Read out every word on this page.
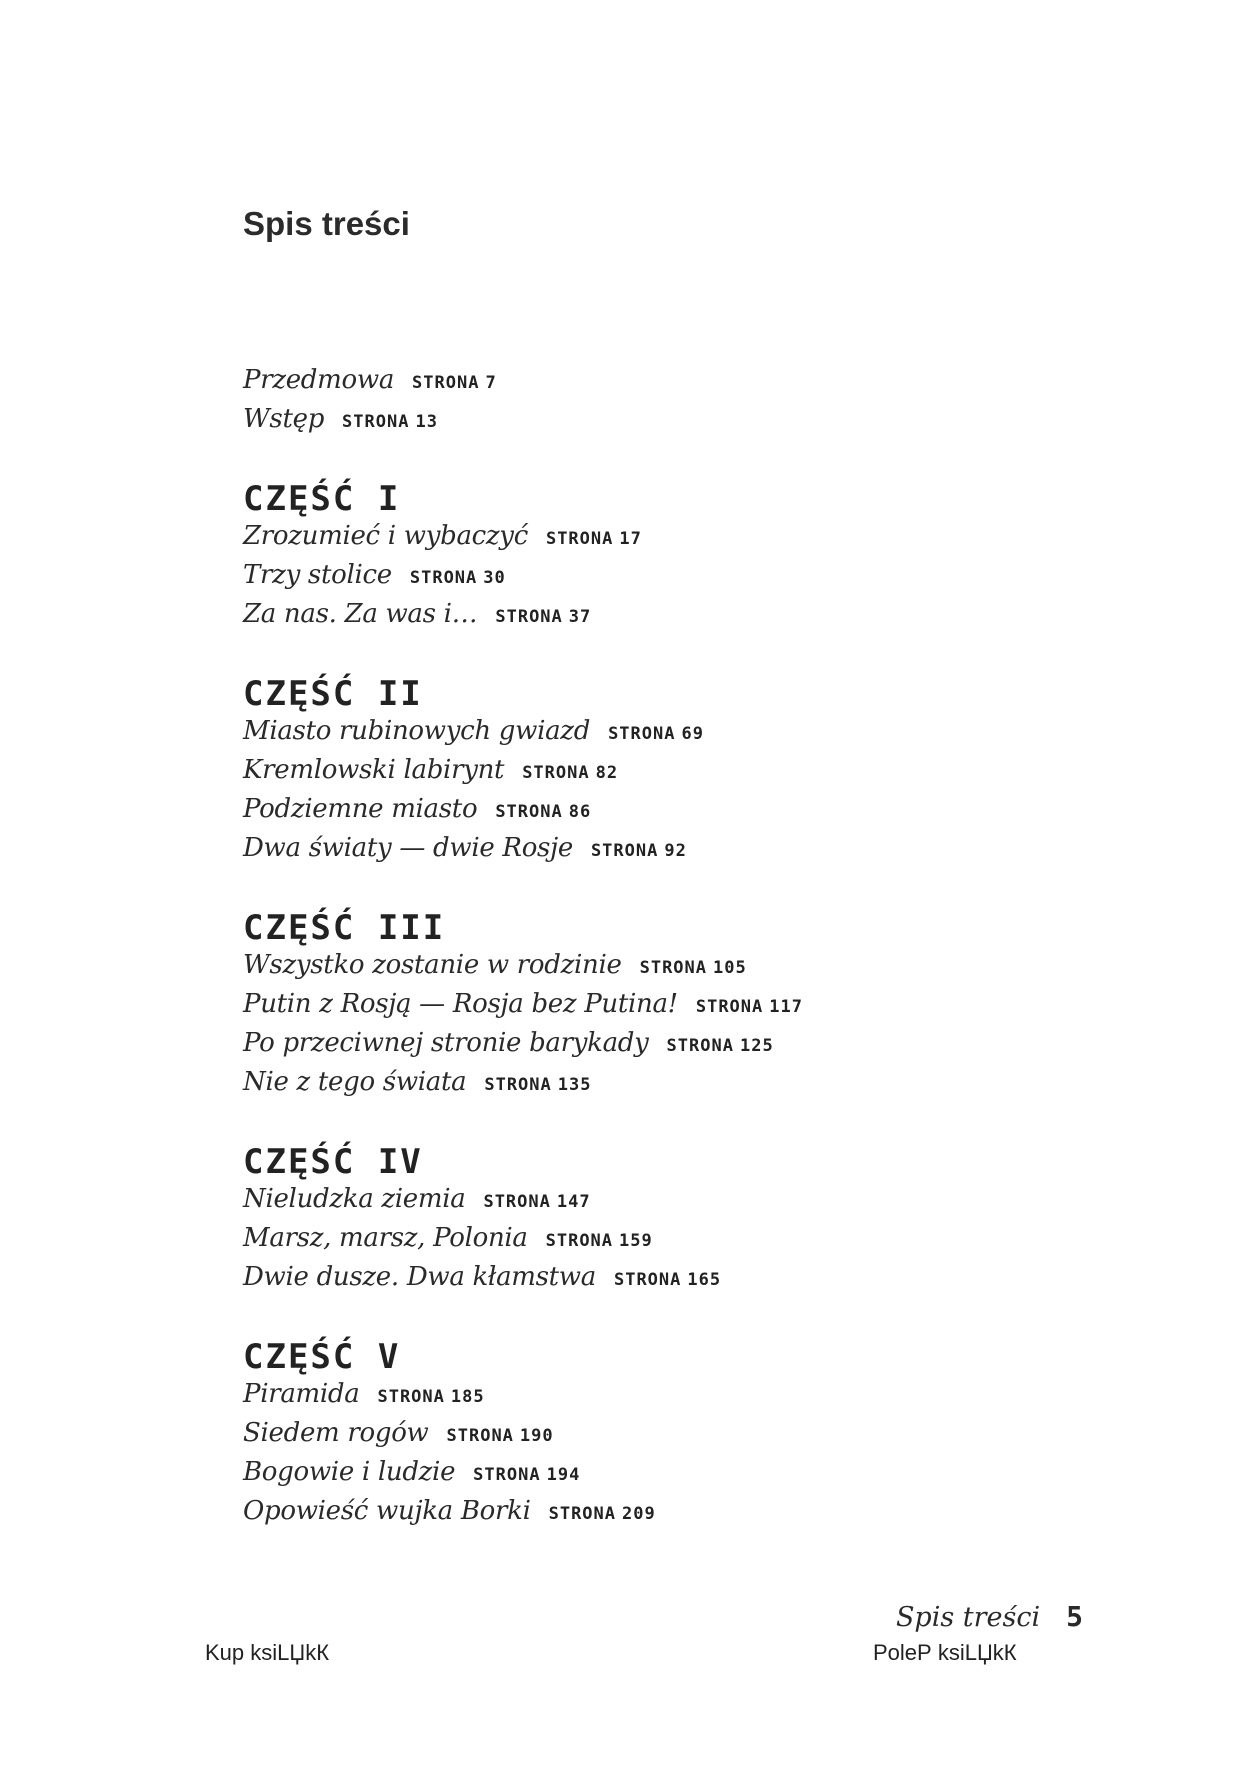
Spis treści
Przedmowa STRONA 7
Wstęp STRONA 13
CZĘŚĆ I
Zrozumieć i wybaczyć STRONA 17
Trzy stolice STRONA 30
Za nas. Za was i… STRONA 37
CZĘŚĆ II
Miasto rubinowych gwiazd STRONA 69
Kremlowski labirynt STRONA 82
Podziemne miasto STRONA 86
Dwa światy — dwie Rosje STRONA 92
CZĘŚĆ III
Wszystko zostanie w rodzinie STRONA 105
Putin z Rosją — Rosja bez Putina! STRONA 117
Po przeciwnej stronie barykady STRONA 125
Nie z tego świata STRONA 135
CZĘŚĆ IV
Nieludzka ziemia STRONA 147
Marsz, marsz, Polonia STRONA 159
Dwie dusze. Dwa kłamstwa STRONA 165
CZĘŚĆ V
Piramida STRONA 185
Siedem rogów STRONA 190
Bogowie i ludzie STRONA 194
Opowieść wujka Borki STRONA 209
Spis treści 5
Kup ksiLЏkК	PoleР ksiLЏkК
